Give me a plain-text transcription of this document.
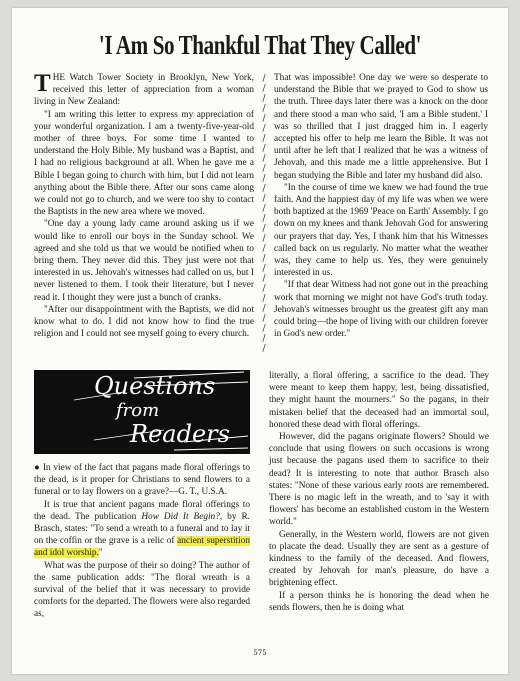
'I Am So Thankful That They Called'

THE Watch Tower Society in Brooklyn, New York, received this letter of appreciation from a woman living in New Zealand:

"I am writing this letter to express my appreciation of your wonderful organization. I am a twenty-five-year-old mother of three boys. For some time I wanted to understand the Holy Bible. My husband was a Baptist, and I had no religious background at all. When he gave me a Bible I began going to church with him, but I did not learn anything about the Bible there. After our sons came along we could not go to church, and we were too shy to contact the Baptists in the new area where we moved.

"One day a young lady came around asking us if we would like to enroll our boys in the Sunday school. We agreed and she told us that we would be notified when to bring them. They never did this. They just were not that interested in us. Jehovah's witnesses had called on us, but I never listened to them. I took their literature, but I never read it. I thought they were just a bunch of cranks.

"After our disappointment with the Baptists, we did not know what to do. I did not know how to find the true religion and I could not see myself going to every church.

/
/
/
/
/
/
/
/
/
/
/
/
/
/
/
/
/
/
/
/
/
/
/
/
/
/
/
/

That was impossible! One day we were so desperate to understand the Bible that we prayed to God to show us the truth. Three days later there was a knock on the door and there stood a man who said, 'I am a Bible student.' I was so thrilled that I just dragged him in. I eagerly accepted his offer to help me learn the Bible. It was not until after he left that I realized that he was a witness of Jehovah, and this made me a little apprehensive. But I began studying the Bible and later my husband did also.

"In the course of time we knew we had found the true faith. And the happiest day of my life was when we were both baptized at the 1969 'Peace on Earth' Assembly. I go down on my knees and thank Jehovah God for answering our prayers that day. Yes, I thank him that his Witnesses called back on us regularly. No matter what the weather was, they came to help us. Yes, they were genuinely interested in us.

"If that dear Witness had not gone out in the preaching work that morning we might not have God's truth today. Jehovah's witnesses brought us the greatest gift any man could bring—the hope of living with our children forever in God's new order."

Questions
from
Readers

● In view of the fact that pagans made floral offerings to the dead, is it proper for Christians to send flowers to a funeral or to lay flowers on a grave?—G. T., U.S.A.

It is true that ancient pagans made floral offerings to the dead. The publication How Did It Begin?, by R. Brasch, states: "To send a wreath to a funeral and to lay it on the coffin or the grave is a relic of ancient superstition and idol worship."

What was the purpose of their so doing? The author of the same publication adds: "The floral wreath is a survival of the belief that it was necessary to provide comforts for the departed. The flowers were also regarded as,

literally, a floral offering, a sacrifice to the dead. They were meant to keep them happy, lest, being dissatisfied, they might haunt the mourners." So the pagans, in their mistaken belief that the deceased had an immortal soul, honored these dead with floral offerings.

However, did the pagans originate flowers? Should we conclude that using flowers on such occasions is wrong just because the pagans used them to sacrifice to their dead? It is interesting to note that author Brasch also states: "None of these various early roots are remembered. There is no magic left in the wreath, and to 'say it with flowers' has become an established custom in the Western world."

Generally, in the Western world, flowers are not given to placate the dead. Usually they are sent as a gesture of kindness to the family of the deceased. And flowers, created by Jehovah for man's pleasure, do have a brightening effect.

If a person thinks he is honoring the dead when he sends flowers, then he is doing what

575
